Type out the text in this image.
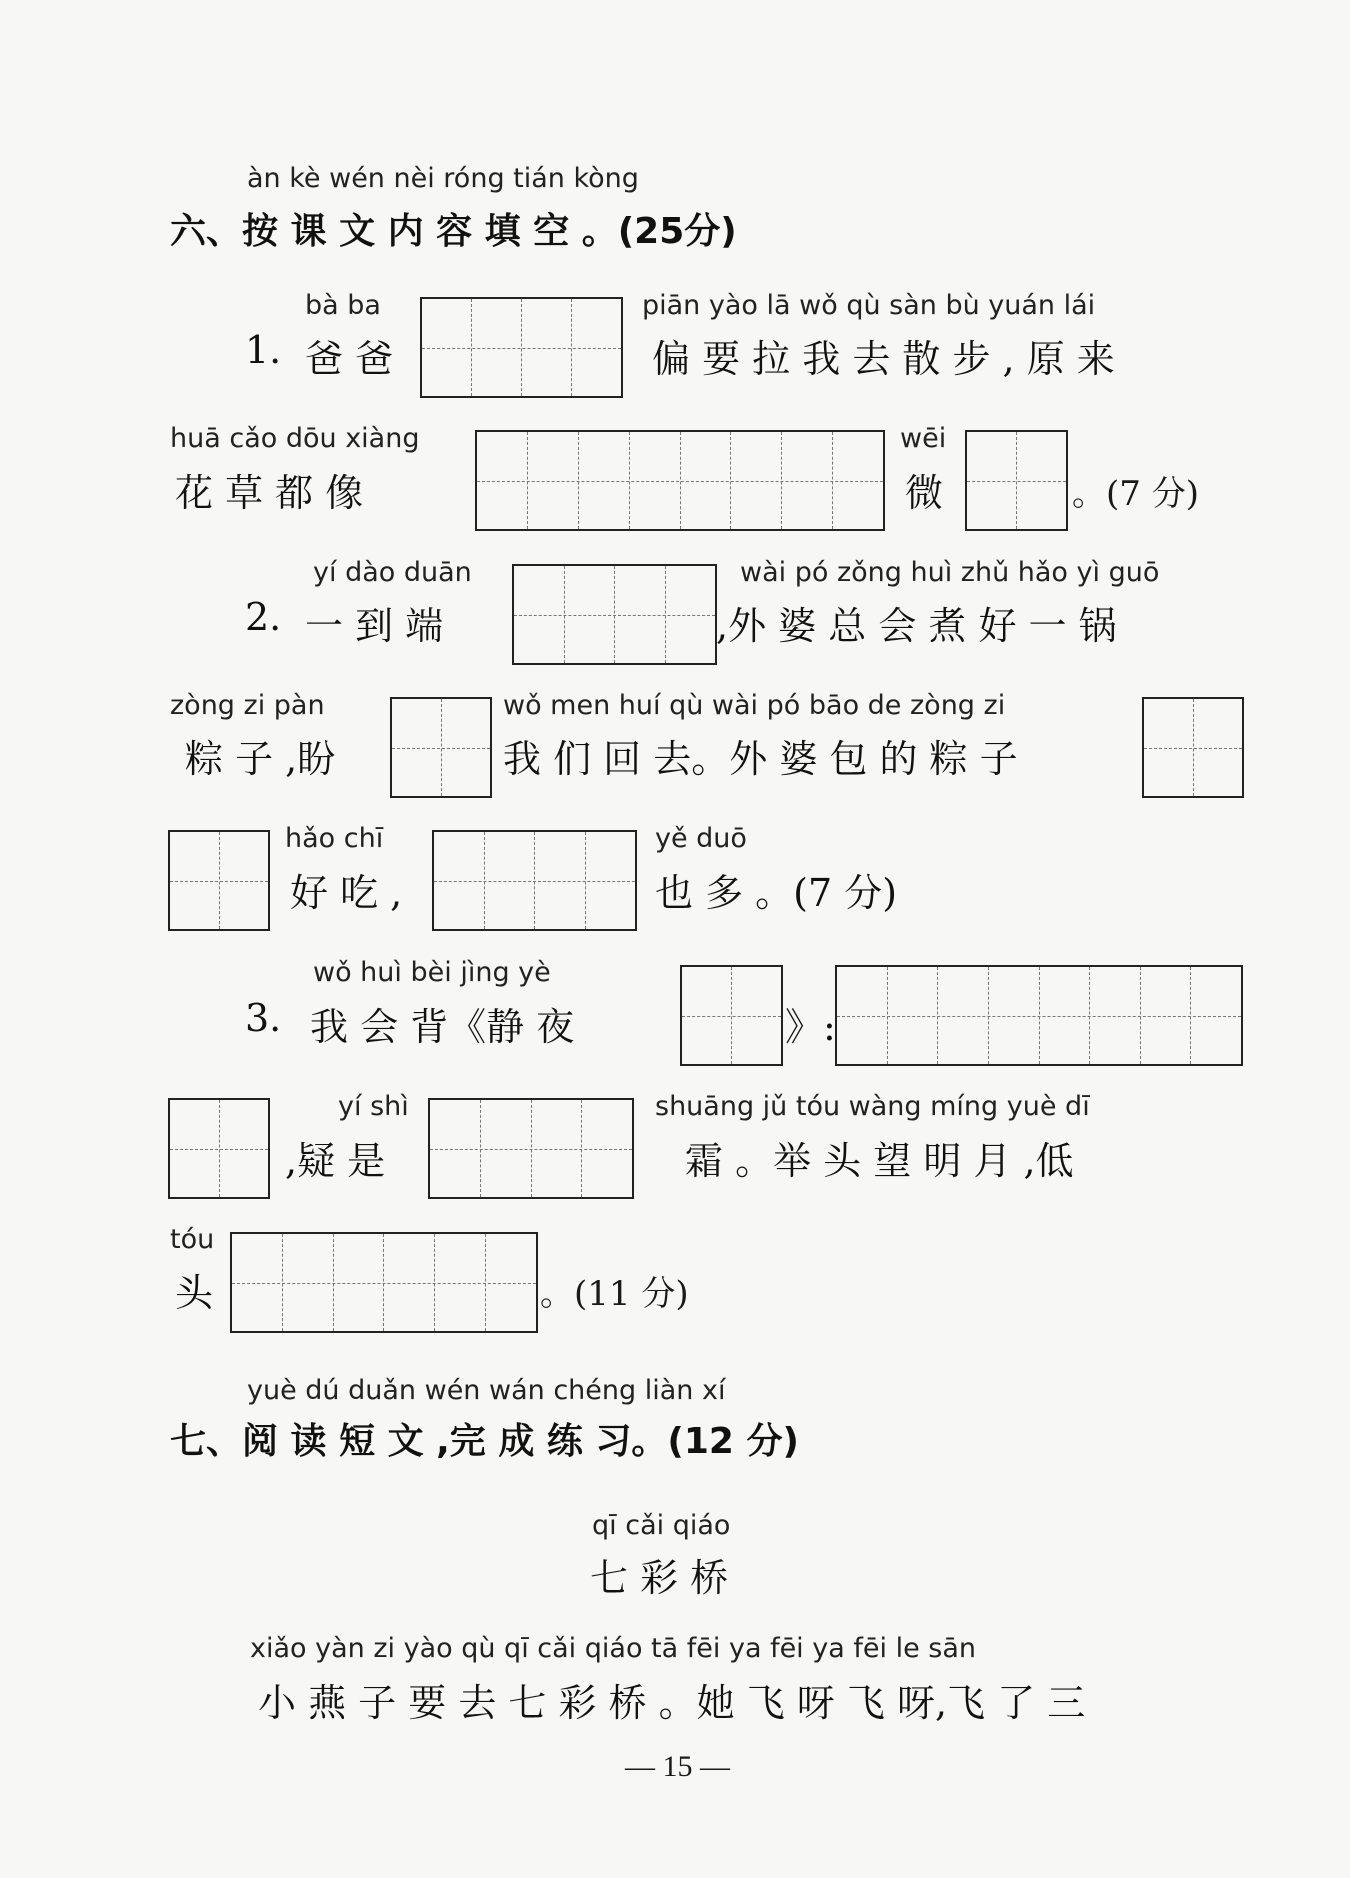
àn kè wén nèi róng tián kòng
六、按 课 文 内 容 填 空 。(25分)
bà ba
1. 爸 爸
piān yào lā wǒ qù sàn bù yuán lái
偏 要 拉 我 去 散 步 , 原 来
huā cǎo dōu xiàng
花 草 都 像
wēi
微	。(7 分)
yí dào duān
2. 一 到 端
wài pó zǒng huì zhǔ hǎo yì guō
,外 婆 总 会 煮 好 一 锅
zòng zi pàn
粽 子 ,盼
wǒ men huí qù wài pó bāo de zòng zi
我 们 回 去。外 婆 包 的 粽 子
hǎo chī
好 吃 ,
yě duō
也 多 。(7 分)
wǒ huì bèi jìng yè
3. 我 会 背《静 夜	》:
yí shì
,疑 是
shuāng jǔ tóu wàng míng yuè dī
霜 。举 头 望 明 月 ,低
tóu
头	。(11 分)
yuè dú duǎn wén wán chéng liàn xí
七、阅 读 短 文 ,完 成 练 习。(12 分)
qī cǎi qiáo
七 彩 桥
xiǎo yàn zi yào qù qī cǎi qiáo tā fēi ya fēi ya fēi le sān
小 燕 子 要 去 七 彩 桥 。她 飞 呀 飞 呀,飞 了 三
— 15 —
